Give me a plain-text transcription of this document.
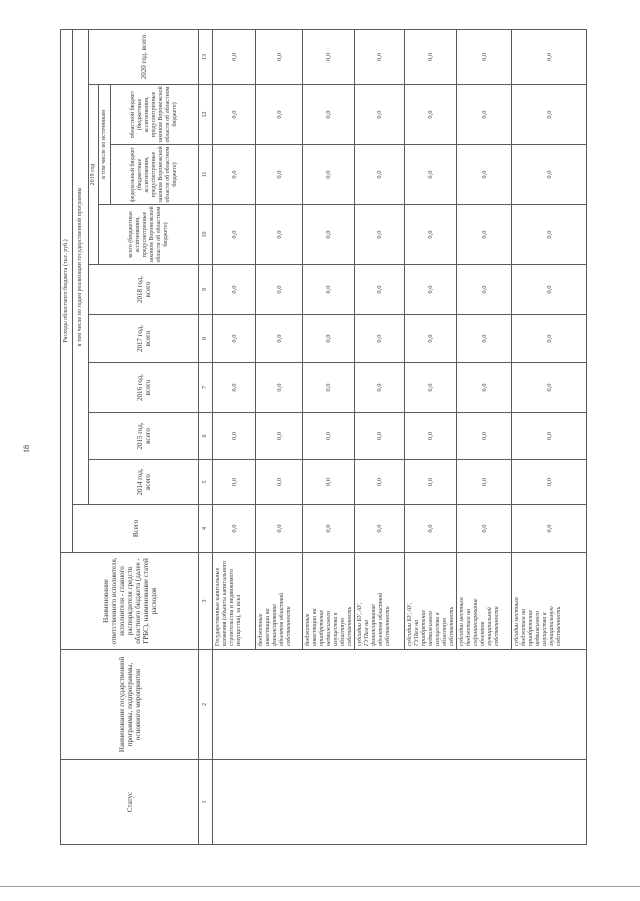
18
Статус	Наименование государственной программы, подпрограммы, основного мероприятия	Наименование ответственного исполнителя, исполнителя - главного распорядителя средств областного бюджета (далее - ГРБС), наименование статей расходов	Расходы областного бюджета (тыс. руб.)									
			Всего	в том числе по годам реализации государственной программы								
				2014 год, всего	2015 год, всего	2016 год, всего	2017 год, всего	2018 год, всего	2019 год			2020 год, всего
									всего (бюджетные ассигнования, предусмотренные законом Воронежской области об областном бюджете)	в том числе по источникам		
										федеральный бюджет (бюджетные ассигнования, предусмотренные законом Воронежской области об областном бюджете)	областной бюджет (бюджетные ассигнования, предусмотренные законом Воронежской области об областном бюджете)	
1	2	3	4	5	6	7	8	9	10	11	12	13
		Государственные капитальные вложения (объекты капитального строительства и недвижимого имущества), за искл	0,0	0,0	0,0	0,0	0,0	0,0	0,0	0,0	0,0	0,0
		бюджетные инвестиции на финансирование объектов областной собственности	0,0	0,0	0,0	0,0	0,0	0,0	0,0	0,0	0,0	0,0
		бюджетные инвестиции на приобретение недвижимого имущества в областную собственность	0,0	0,0	0,0	0,0	0,0	0,0	0,0	0,0	0,0	0,0
		субсидии БУ, АУ, ГУПам на финансирование объектов областной собственности	0,0	0,0	0,0	0,0	0,0	0,0	0,0	0,0	0,0	0,0
		субсидии БУ, АУ, ГУПам на приобретение недвижимого имущества в областную собственность	0,0	0,0	0,0	0,0	0,0	0,0	0,0	0,0	0,0	0,0
		субсидии местным бюджетам на софинансирование объектов муниципальной собственности	0,0	0,0	0,0	0,0	0,0	0,0	0,0	0,0	0,0	0,0
		субсидии местным бюджетам на приобретение недвижимого имущества в муниципальную собственность	0,0	0,0	0,0	0,0	0,0	0,0	0,0	0,0	0,0	0,0
